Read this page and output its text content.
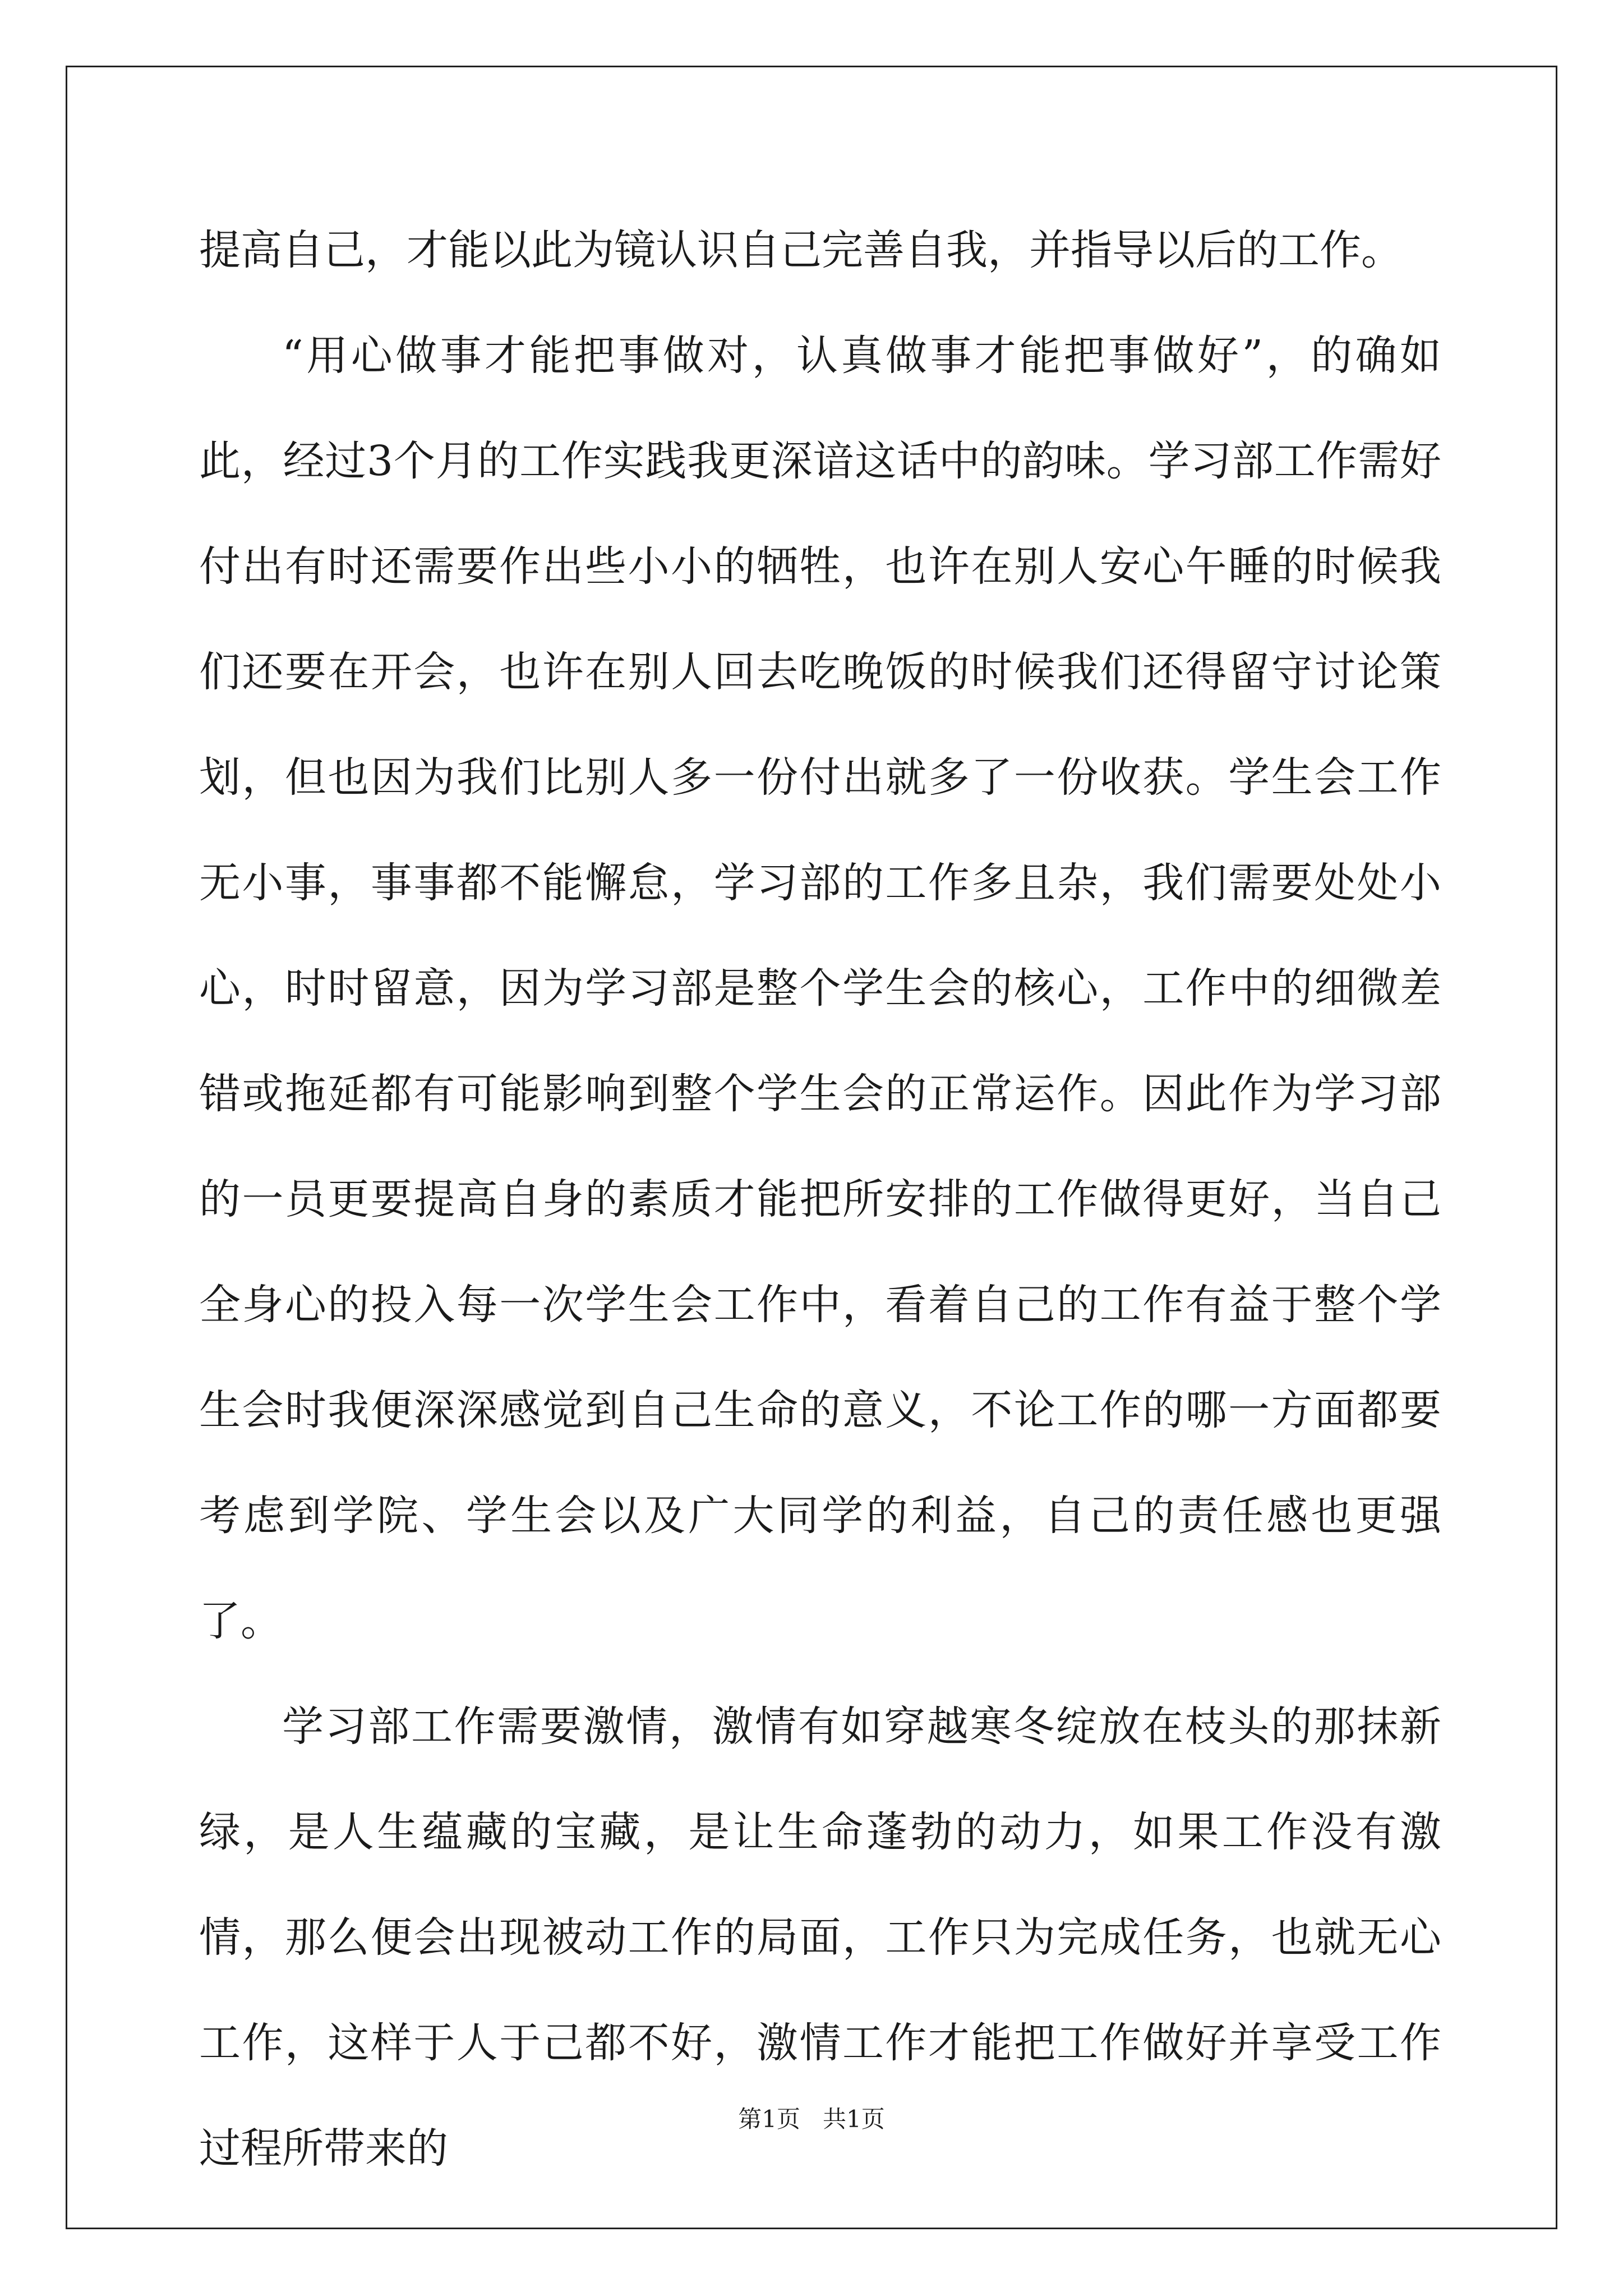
提高自己，才能以此为镜认识自己完善自我，并指导以后的工作。

“用心做事才能把事做对，认真做事才能把事做好”，的确如此，经过3个月的工作实践我更深谙这话中的韵味。学习部工作需好付出有时还需要作出些小小的牺牲，也许在别人安心午睡的时候我们还要在开会，也许在别人回去吃晚饭的时候我们还得留守讨论策划，但也因为我们比别人多一份付出就多了一份收获。学生会工作无小事，事事都不能懈怠，学习部的工作多且杂，我们需要处处小心，时时留意，因为学习部是整个学生会的核心，工作中的细微差错或拖延都有可能影响到整个学生会的正常运作。因此作为学习部的一员更要提高自身的素质才能把所安排的工作做得更好，当自己全身心的投入每一次学生会工作中，看着自己的工作有益于整个学生会时我便深深感觉到自己生命的意义，不论工作的哪一方面都要考虑到学院、学生会以及广大同学的利益，自己的责任感也更强了。

学习部工作需要激情，激情有如穿越寒冬绽放在枝头的那抹新绿，是人生蕴藏的宝藏，是让生命蓬勃的动力，如果工作没有激情，那么便会出现被动工作的局面，工作只为完成任务，也就无心工作，这样于人于己都不好，激情工作才能把工作做好并享受工作过程所带来的

第1页 共1页
